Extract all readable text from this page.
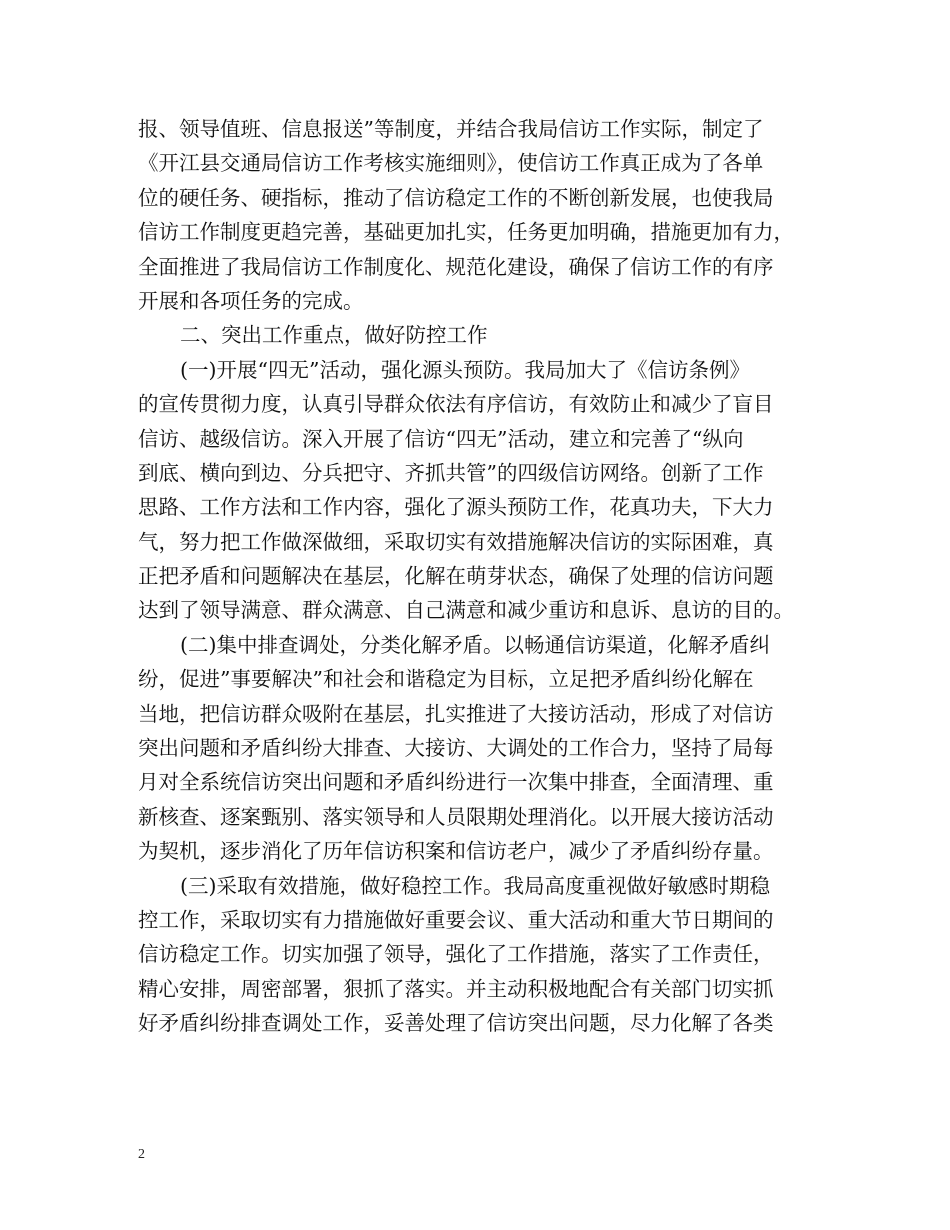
报、领导值班、信息报送”等制度，并结合我局信访工作实际，制定了
《开江县交通局信访工作考核实施细则》，使信访工作真正成为了各单
位的硬任务、硬指标，推动了信访稳定工作的不断创新发展，也使我局
信访工作制度更趋完善，基础更加扎实，任务更加明确，措施更加有力，
全面推进了我局信访工作制度化、规范化建设，确保了信访工作的有序
开展和各项任务的完成。
二、突出工作重点，做好防控工作
(一)开展“四无”活动，强化源头预防。我局加大了《信访条例》
的宣传贯彻力度，认真引导群众依法有序信访，有效防止和减少了盲目
信访、越级信访。深入开展了信访“四无”活动，建立和完善了“纵向
到底、横向到边、分兵把守、齐抓共管”的四级信访网络。创新了工作
思路、工作方法和工作内容，强化了源头预防工作，花真功夫，下大力
气，努力把工作做深做细，采取切实有效措施解决信访的实际困难，真
正把矛盾和问题解决在基层，化解在萌芽状态，确保了处理的信访问题
达到了领导满意、群众满意、自己满意和减少重访和息诉、息访的目的。
(二)集中排查调处，分类化解矛盾。以畅通信访渠道，化解矛盾纠
纷，促进”事要解决”和社会和谐稳定为目标，立足把矛盾纠纷化解在
当地，把信访群众吸附在基层，扎实推进了大接访活动，形成了对信访
突出问题和矛盾纠纷大排查、大接访、大调处的工作合力，坚持了局每
月对全系统信访突出问题和矛盾纠纷进行一次集中排查，全面清理、重
新核查、逐案甄别、落实领导和人员限期处理消化。以开展大接访活动
为契机，逐步消化了历年信访积案和信访老户，减少了矛盾纠纷存量。
(三)采取有效措施，做好稳控工作。我局高度重视做好敏感时期稳
控工作，采取切实有力措施做好重要会议、重大活动和重大节日期间的
信访稳定工作。切实加强了领导，强化了工作措施，落实了工作责任，
精心安排，周密部署，狠抓了落实。并主动积极地配合有关部门切实抓
好矛盾纠纷排查调处工作，妥善处理了信访突出问题，尽力化解了各类
2
